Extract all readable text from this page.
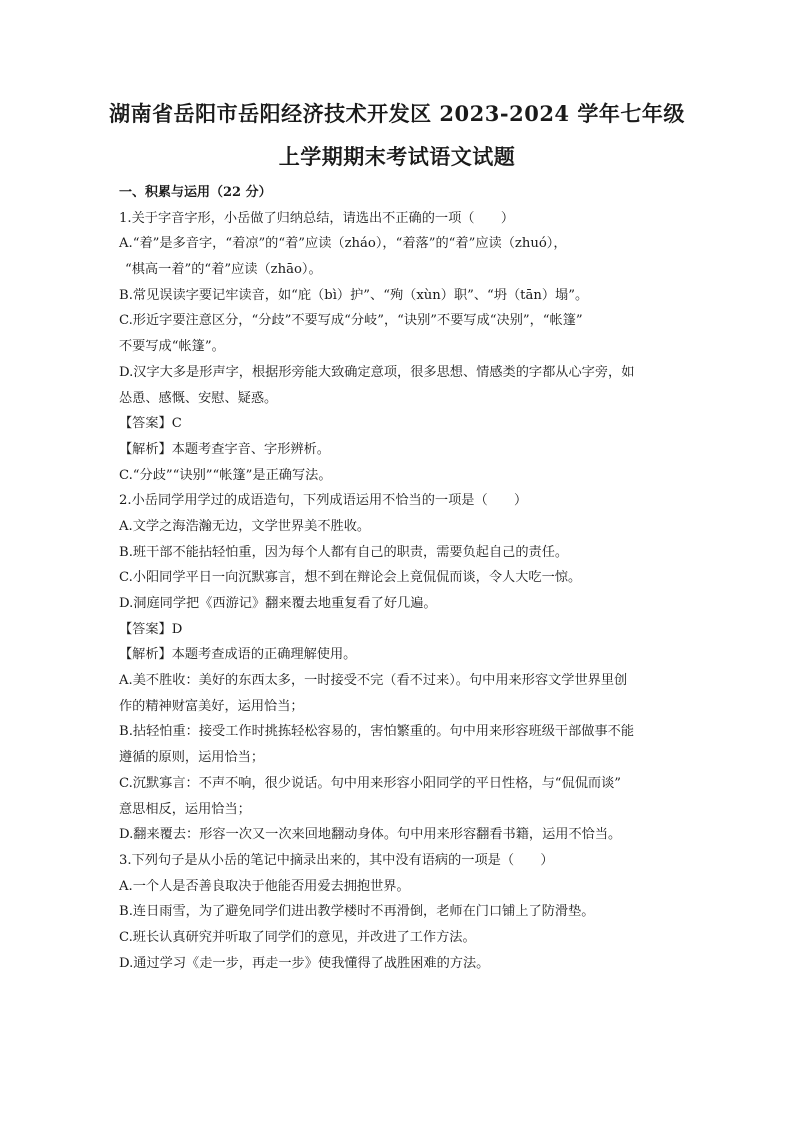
湖南省岳阳市岳阳经济技术开发区 2023-2024 学年七年级
上学期期末考试语文试题
一、积累与运用（22 分）
1.关于字音字形，小岳做了归纳总结，请选出不正确的一项（　　）
A.“着”是多音字，“着凉”的“着”应读（zháo），“着落”的“着”应读（zhuó），
“棋高一着”的“着”应读（zhāo）。
B.常见误读字要记牢读音，如“庇（bì）护”、“殉（xùn）职”、“坍（tān）塌”。
C.形近字要注意区分，“分歧”不要写成“分岐”，“诀别”不要写成“决别”，“帐篷”
不要写成“帐篷”。
D.汉字大多是形声字，根据形旁能大致确定意项，很多思想、情感类的字都从心字旁，如
怂恿、感慨、安慰、疑惑。
【答案】C
【解析】本题考查字音、字形辨析。
C.“分歧”“诀别”“帐篷”是正确写法。
2.小岳同学用学过的成语造句，下列成语运用不恰当的一项是（　　）
A.文学之海浩瀚无边，文学世界美不胜收。
B.班干部不能拈轻怕重，因为每个人都有自己的职责，需要负起自己的责任。
C.小阳同学平日一向沉默寡言，想不到在辩论会上竟侃侃而谈，令人大吃一惊。
D.洞庭同学把《西游记》翻来覆去地重复看了好几遍。
【答案】D
【解析】本题考查成语的正确理解使用。
A.美不胜收：美好的东西太多，一时接受不完（看不过来）。句中用来形容文学世界里创
作的精神财富美好，运用恰当；
B.拈轻怕重：接受工作时挑拣轻松容易的，害怕繁重的。句中用来形容班级干部做事不能
遵循的原则，运用恰当；
C.沉默寡言：不声不响，很少说话。句中用来形容小阳同学的平日性格，与“侃侃而谈”
意思相反，运用恰当；
D.翻来覆去：形容一次又一次来回地翻动身体。句中用来形容翻看书籍，运用不恰当。
3.下列句子是从小岳的笔记中摘录出来的，其中没有语病的一项是（　　）
A.一个人是否善良取决于他能否用爱去拥抱世界。
B.连日雨雪，为了避免同学们进出教学楼时不再滑倒，老师在门口铺上了防滑垫。
C.班长认真研究并听取了同学们的意见，并改进了工作方法。
D.通过学习《走一步，再走一步》使我懂得了战胜困难的方法。
